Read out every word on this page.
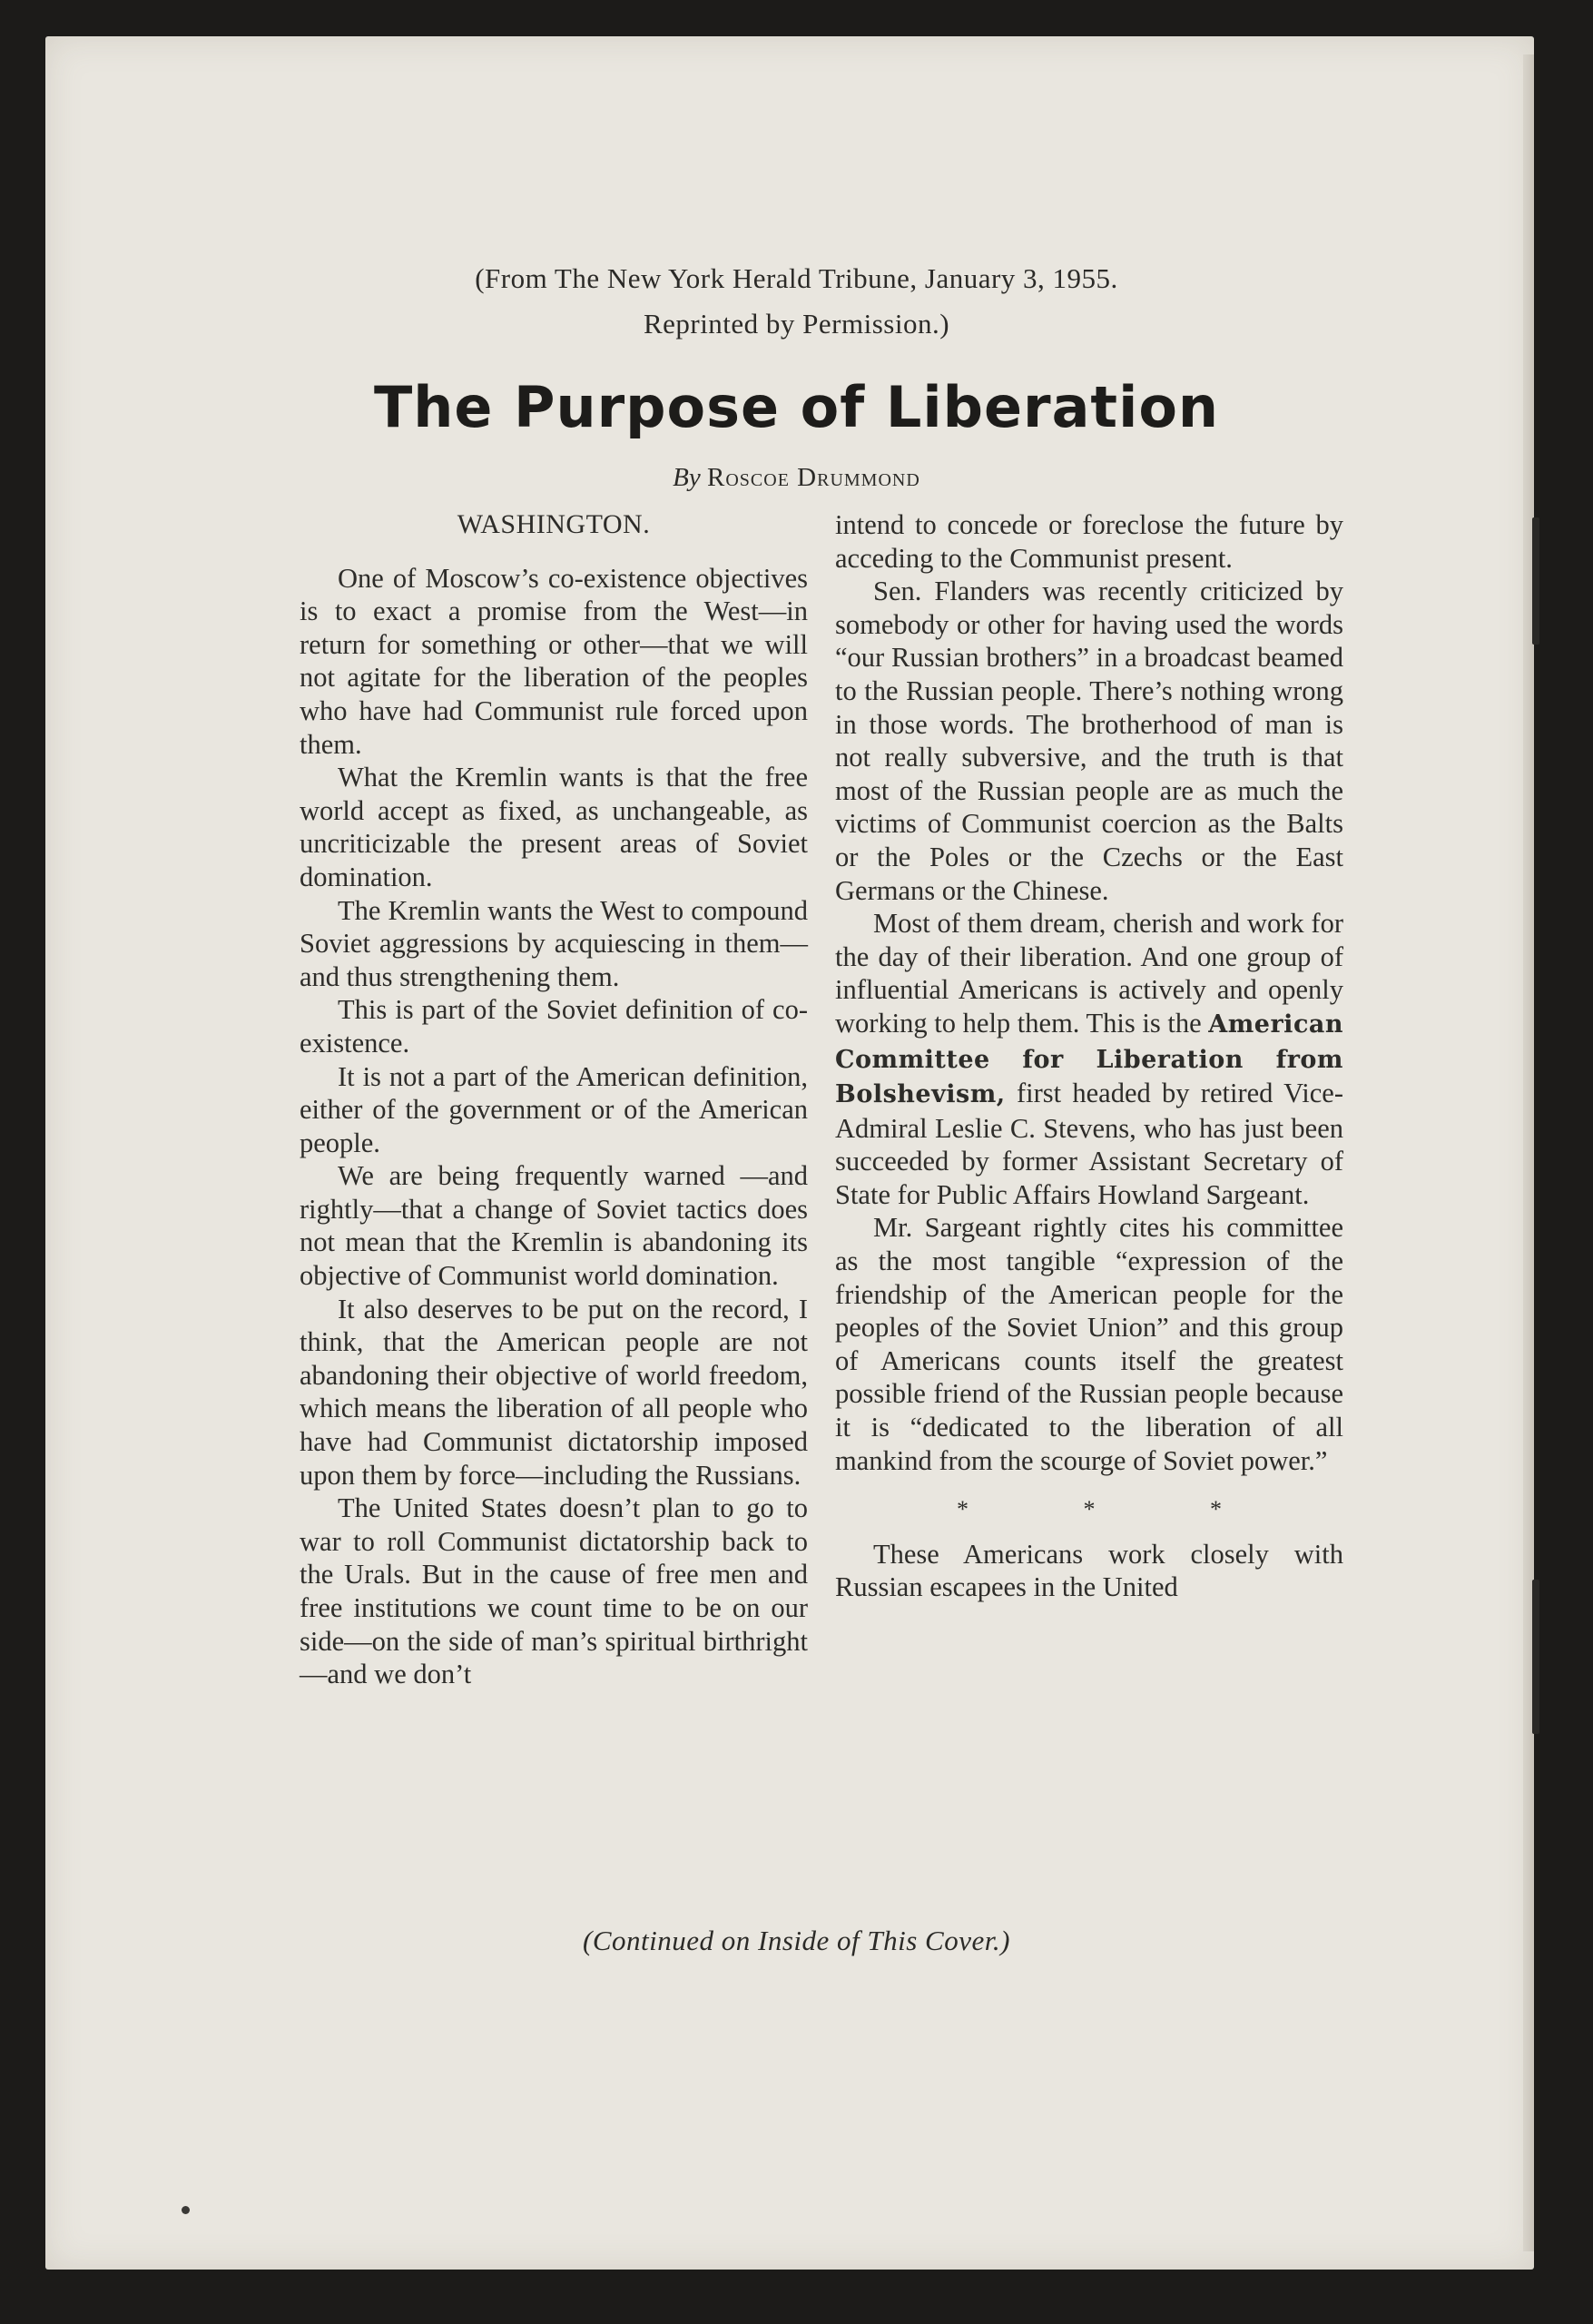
(From The New York Herald Tribune, January 3, 1955.
Reprinted by Permission.)
The Purpose of Liberation
By Roscoe Drummond
WASHINGTON.

One of Moscow’s co-existence objectives is to exact a promise from the West—in return for something or other—that we will not agitate for the liberation of the peoples who have had Communist rule forced upon them.

What the Kremlin wants is that the free world accept as fixed, as unchangeable, as uncriticizable the present areas of Soviet domination.

The Kremlin wants the West to compound Soviet aggressions by acquiescing in them—and thus strengthening them.

This is part of the Soviet definition of co-existence.

It is not a part of the American definition, either of the government or of the American people.

We are being frequently warned —and rightly—that a change of Soviet tactics does not mean that the Kremlin is abandoning its objective of Communist world domination.

It also deserves to be put on the record, I think, that the American people are not abandoning their objective of world freedom, which means the liberation of all people who have had Communist dictatorship imposed upon them by force—including the Russians.

The United States doesn’t plan to go to war to roll Communist dictatorship back to the Urals. But in the cause of free men and free institutions we count time to be on our side—on the side of man’s spiritual birthright—and we don’t

intend to concede or foreclose the future by acceding to the Communist present.

Sen. Flanders was recently criticized by somebody or other for having used the words “our Russian brothers” in a broadcast beamed to the Russian people. There’s nothing wrong in those words. The brotherhood of man is not really subversive, and the truth is that most of the Russian people are as much the victims of Communist coercion as the Balts or the Poles or the Czechs or the East Germans or the Chinese.

Most of them dream, cherish and work for the day of their liberation. And one group of influential Americans is actively and openly working to help them. This is the American Committee for Liberation from Bolshevism, first headed by retired Vice-Admiral Leslie C. Stevens, who has just been succeeded by former Assistant Secretary of State for Public Affairs Howland Sargeant.

Mr. Sargeant rightly cites his committee as the most tangible “expression of the friendship of the American people for the peoples of the Soviet Union” and this group of Americans counts itself the greatest possible friend of the Russian people because it is “dedicated to the liberation of all mankind from the scourge of Soviet power.”

* * *

These Americans work closely with Russian escapees in the United

(Continued on Inside of This Cover.)
